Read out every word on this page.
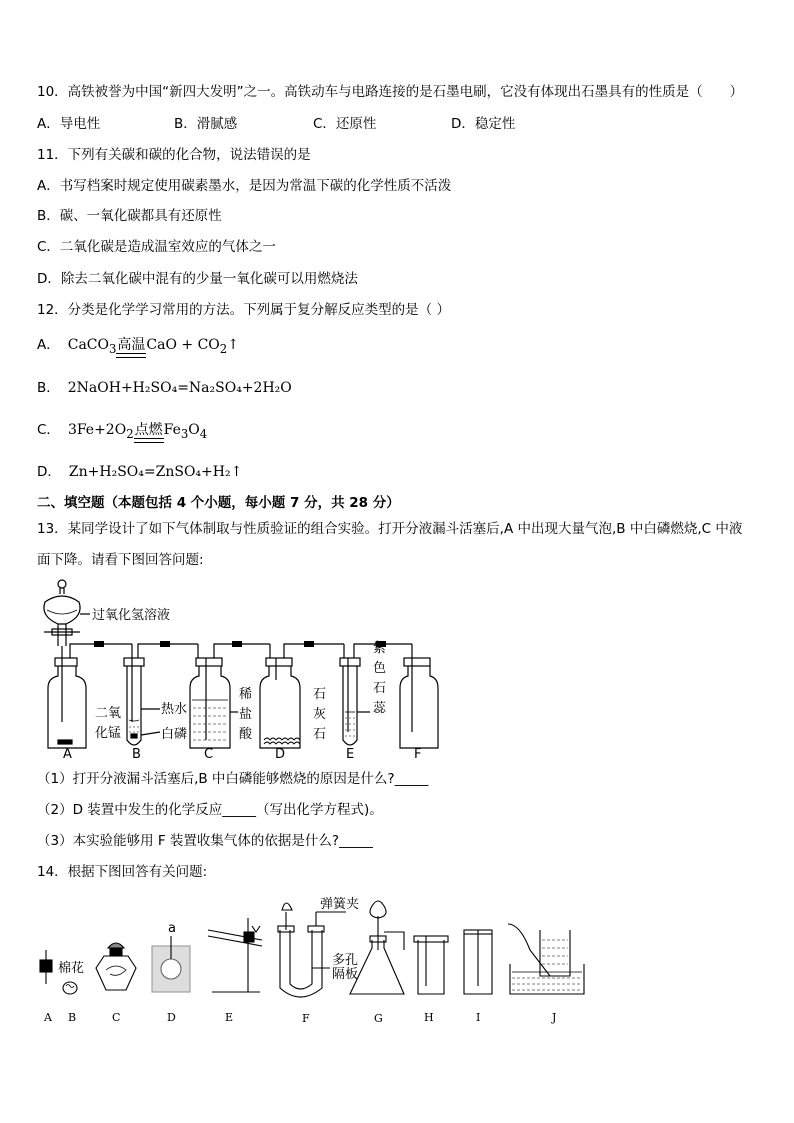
10．高铁被誉为中国“新四大发明”之一。高铁动车与电路连接的是石墨电刷，它没有体现出石墨具有的性质是（　　）
A．导电性	B．滑腻感	C．还原性	D．稳定性
11．下列有关碳和碳的化合物，说法错误的是
A．书写档案时规定使用碳素墨水，是因为常温下碳的化学性质不活泼
B．碳、一氧化碳都具有还原性
C．二氧化碳是造成温室效应的气体之一
D．除去二氧化碳中混有的少量一氧化碳可以用燃烧法
12．分类是化学学习常用的方法。下列属于复分解反应类型的是（ ）
A． CaCO$_3$高温CaO + $CO_2↑$
B． 2NaOH+H₂SO₄=Na₂SO₄+2H₂O
C． $3Fe+2O_2$点燃$Fe_3O_4$
D． Zn+H₂SO₄=ZnSO₄+H₂↑
二、填空题（本题包括 4 个小题，每小题 7 分，共 28 分）
13．某同学设计了如下气体制取与性质验证的组合实验。打开分液漏斗活塞后,A 中出现大量气泡,B 中白磷燃烧,C 中液
面下降。请看下图回答问题:
过氧化氢溶液
二氧
化锰
热水
白磷
稀
盐
酸
石
灰
石
紫
色
石
蕊
A	B	C	D	E	F
（1）打开分液漏斗活塞后,B 中白磷能够燃烧的原因是什么?_____
（2）D 装置中发生的化学反应_____（写出化学方程式)。
（3）本实验能够用 F 装置收集气体的依据是什么?_____
14．根据下图回答有关问题:
棉花
a
弹簧夹
多孔
隔板
A B	C	D	E	F	G	H	I	J
